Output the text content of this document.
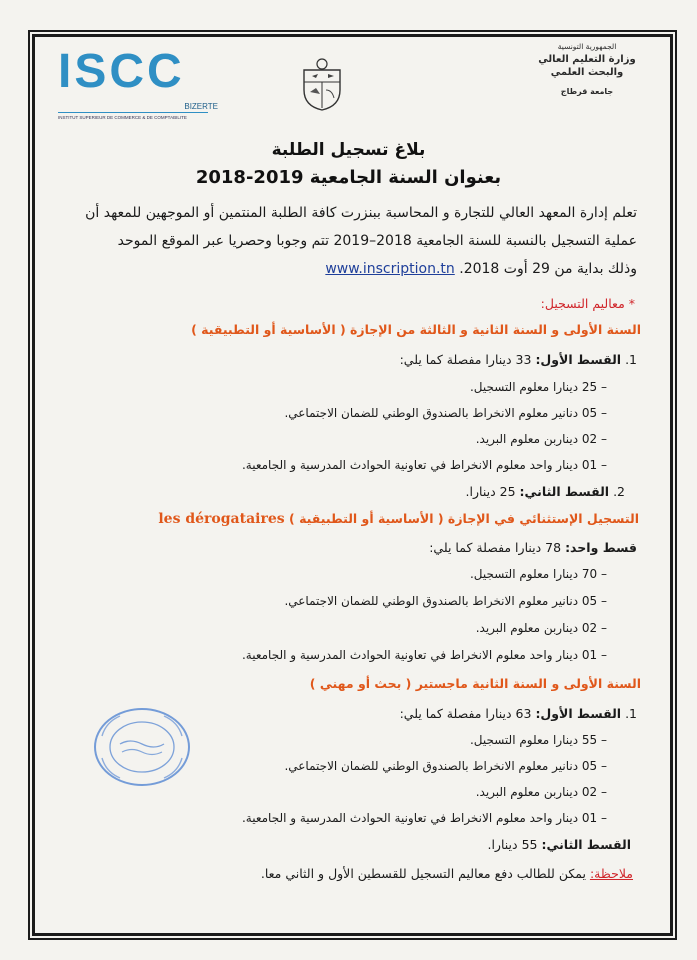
ISCC
BIZERTE
INSTITUT SUPERIEUR DE COMMERCE & DE COMPTABILITE
الجمهورية التونسية
وزارة التعليم العالي والبحث العلمي
جامعة قرطاج
بلاغ تسجيل الطلبة
بعنوان السنة الجامعية 2019-2018
تعلم إدارة المعهد العالي للتجارة و المحاسبة ببنزرت كافة الطلبة المنتمين أو الموجهين للمعهد أن
عملية التسجيل بالنسبة للسنة الجامعية 2018–2019 تتم وجوبا وحصريا عبر الموقع الموحد
وذلك بداية من 29 أوت 2018. www.inscription.tn
* معاليم التسجيل:
السنة الأولى و السنة الثانية و الثالثة من الإجازة ( الأساسية أو التطبيقية )
1. القسط الأول: 33 دينارا مفصلة كما يلي:
– 25 دينارا معلوم التسجيل.
– 05 دنانير معلوم الانخراط بالصندوق الوطني للضمان الاجتماعي.
– 02 ديناربن معلوم البريد.
– 01 دينار واحد معلوم الانخراط في تعاونية الحوادث المدرسية و الجامعية.
2. القسط الثاني: 25 دينارا.
التسجيل الإستثنائي في الإجازة ( الأساسية أو التطبيقية ) les dérogataires
قسط واحد: 78 دينارا مفصلة كما يلي:
– 70 دينارا معلوم التسجيل.
– 05 دنانير معلوم الانخراط بالصندوق الوطني للضمان الاجتماعي.
– 02 ديناربن معلوم البريد.
– 01 دينار واحد معلوم الانخراط في تعاونية الحوادث المدرسية و الجامعية.
السنة الأولى و السنة الثانية ماجستير ( بحث أو مهني )
1. القسط الأول: 63 دينارا مفصلة كما يلي:
– 55 دينارا معلوم التسجيل.
– 05 دنانير معلوم الانخراط بالصندوق الوطني للضمان الاجتماعي.
– 02 ديناربن معلوم البريد.
– 01 دينار واحد معلوم الانخراط في تعاونية الحوادث المدرسية و الجامعية.
القسط الثاني: 55 دينارا.
ملاحظة: يمكن للطالب دفع معاليم التسجيل للقسطين الأول و الثاني معا.
